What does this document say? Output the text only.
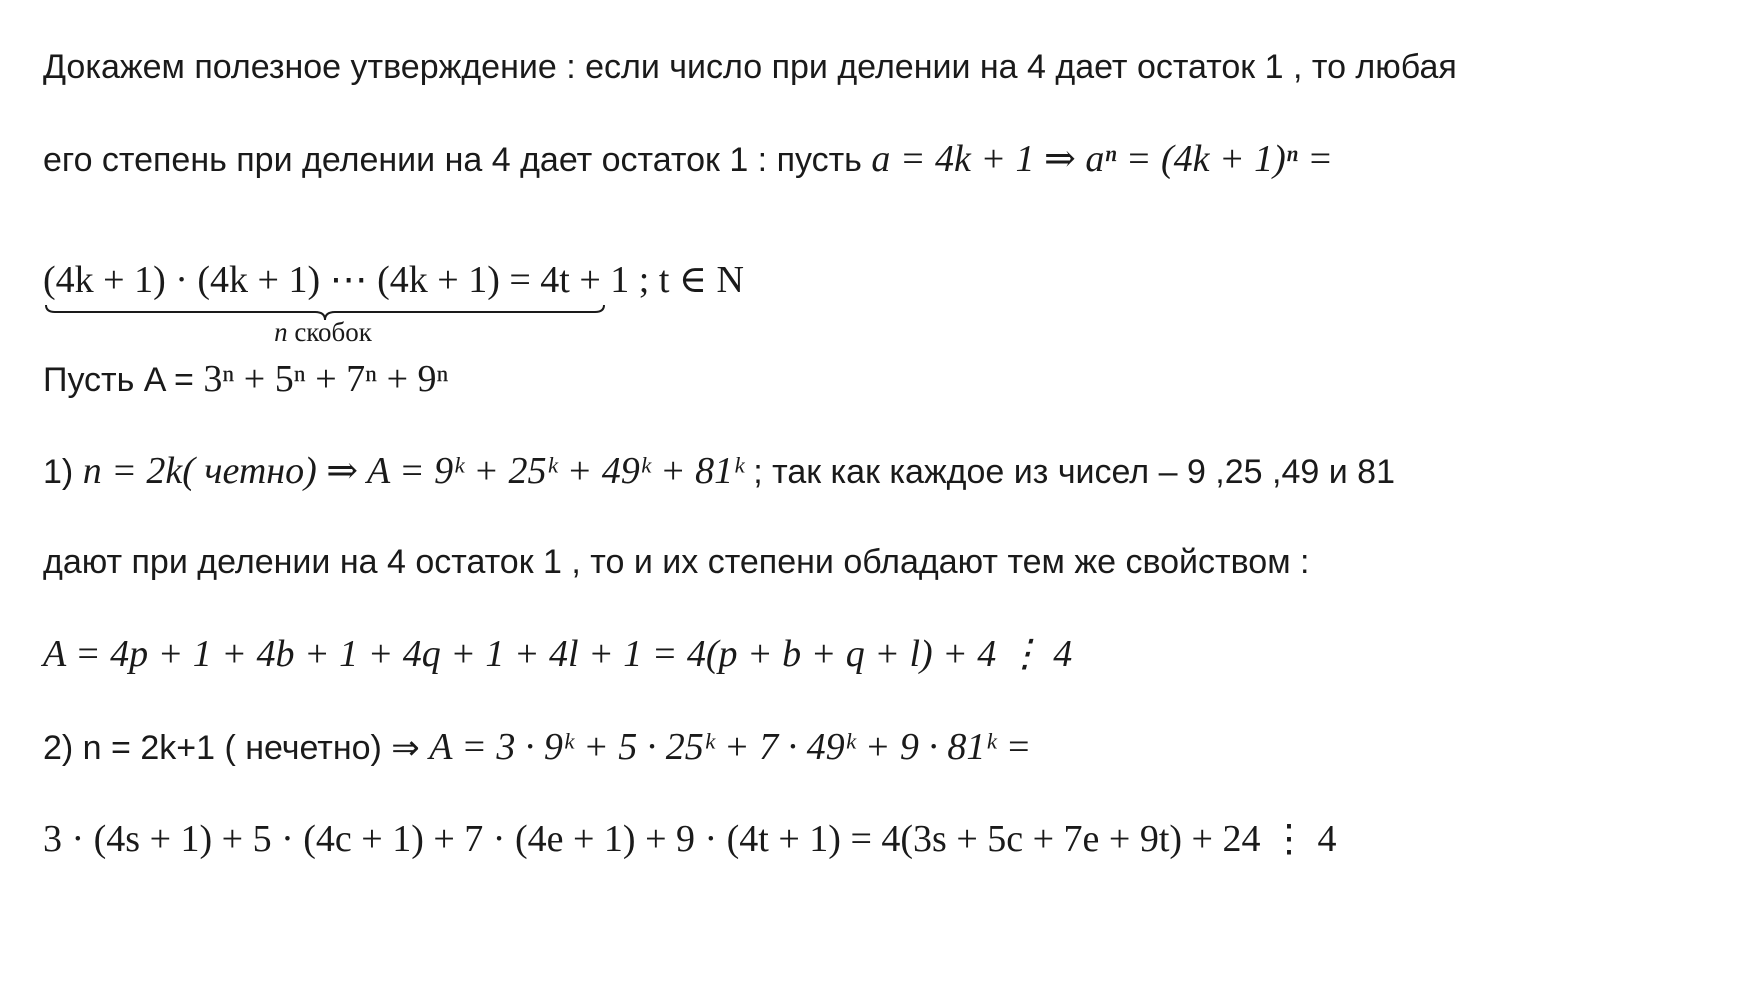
Докажем полезное утверждение : если число при делении на 4 дает остаток 1 , то любая
его степень при делении на 4 дает остаток 1 : пусть a = 4k + 1 ⇒ aⁿ = (4k + 1)ⁿ =
(4k + 1) · (4k + 1) ⋯ (4k + 1) = 4t + 1 ; t ∈ N
n скобок
Пусть A = 3ⁿ + 5ⁿ + 7ⁿ + 9ⁿ
1) n = 2k( четно) ⇒ A = 9ᵏ + 25ᵏ + 49ᵏ + 81ᵏ ; так как каждое из чисел – 9 ,25 ,49 и 81
дают при делении на 4 остаток 1 , то и их степени обладают тем же свойством :
A = 4p + 1 + 4b + 1 + 4q + 1 + 4l + 1 = 4(p + b + q + l) + 4 ⋮ 4
2) n = 2k+1 ( нечетно) ⇒ A = 3 · 9ᵏ + 5 · 25ᵏ + 7 · 49ᵏ + 9 · 81ᵏ =
3 · (4s + 1) + 5 · (4c + 1) + 7 · (4e + 1) + 9 · (4t + 1) = 4(3s + 5c + 7e + 9t) + 24 ⋮ 4
